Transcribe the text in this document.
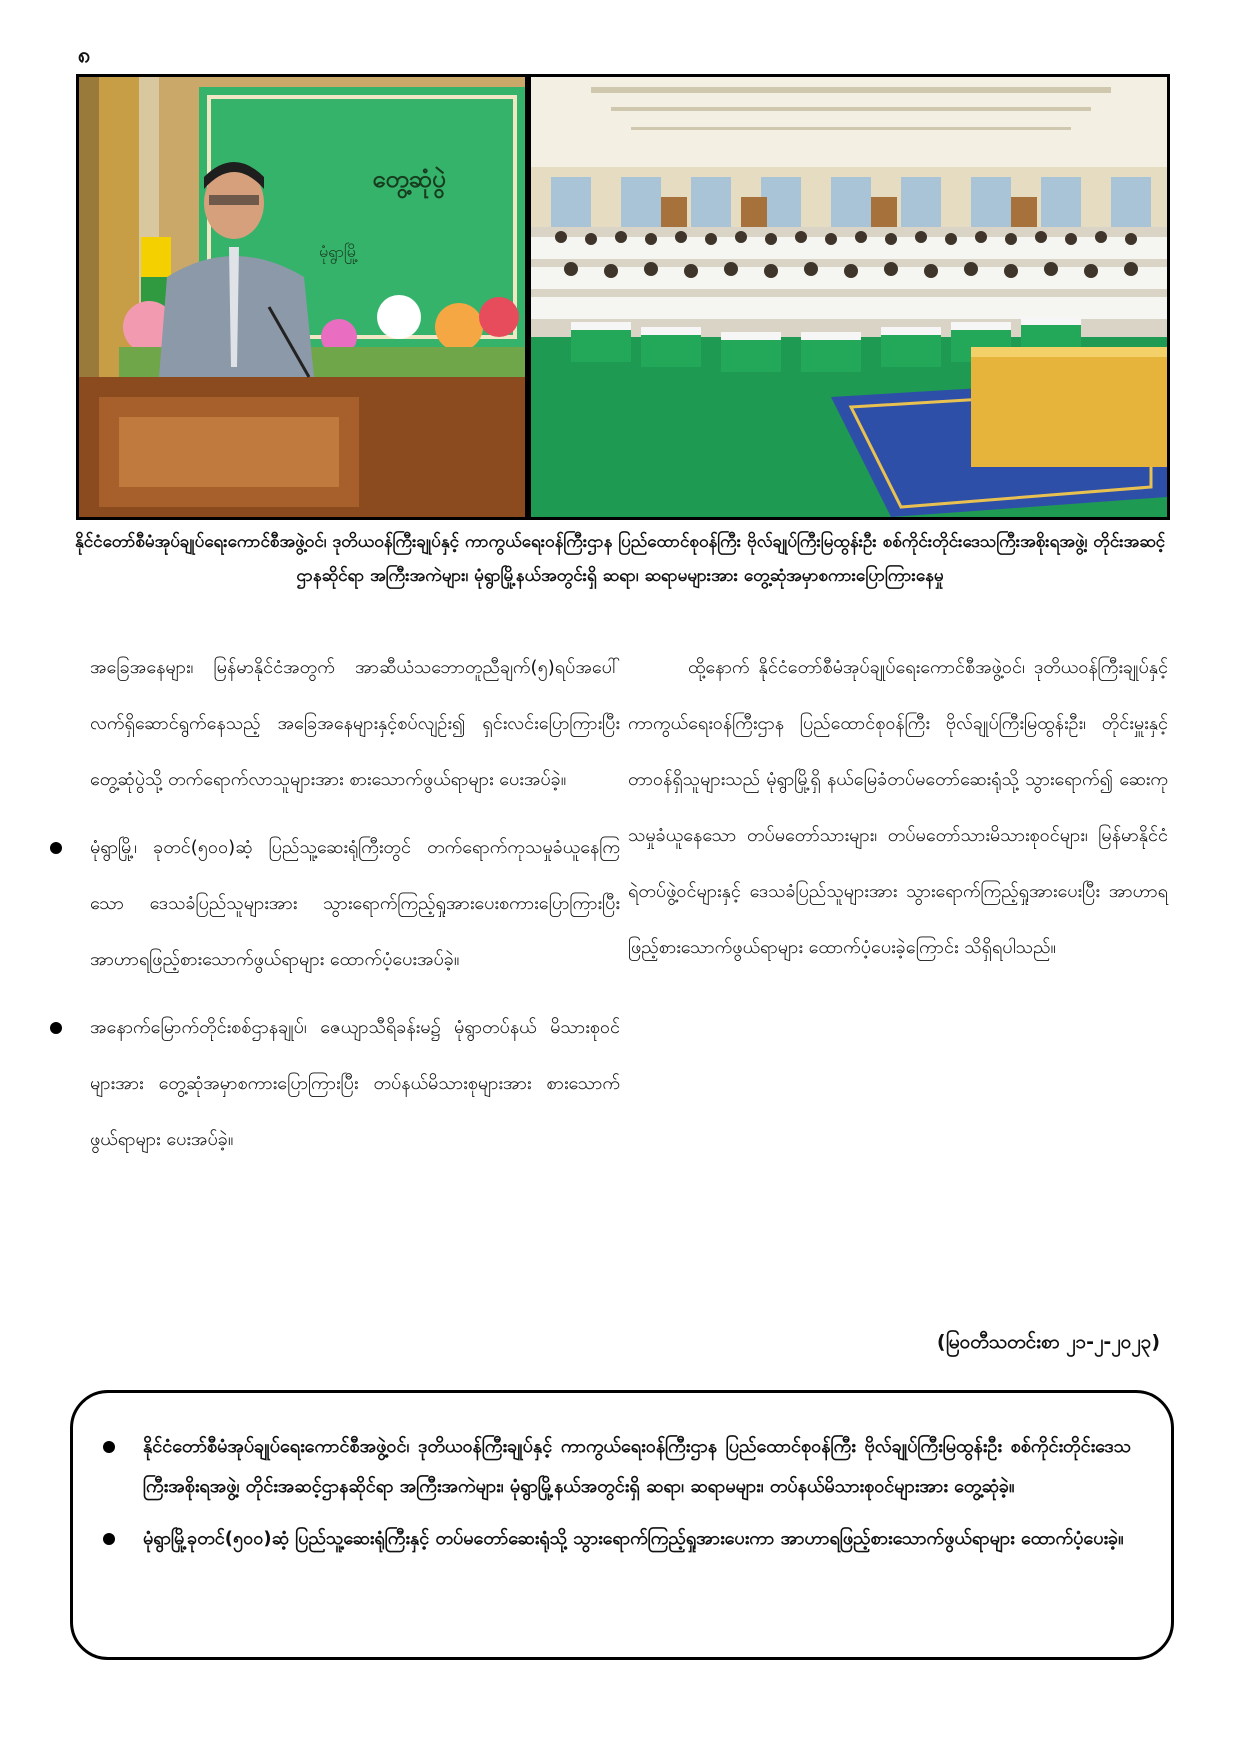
၈
တွေ့ဆုံပွဲ
မုံရွာမြို့
နိုင်ငံတော်စီမံအုပ်ချုပ်ရေးကောင်စီအဖွဲ့ဝင်၊ ဒုတိယဝန်ကြီးချုပ်နှင့် ကာကွယ်ရေးဝန်ကြီးဌာန ပြည်ထောင်စုဝန်ကြီး ဗိုလ်ချုပ်ကြီးမြထွန်းဦး စစ်ကိုင်းတိုင်းဒေသကြီးအစိုးရအဖွဲ့၊ တိုင်းအဆင့်ဌာနဆိုင်ရာ အကြီးအကဲများ၊ မုံရွာမြို့နယ်အတွင်းရှိ ဆရာ၊ ဆရာမများအား တွေ့ဆုံအမှာစကားပြောကြားနေမှု

အခြေအနေများ၊ မြန်မာနိုင်ငံအတွက် အာဆီယံသဘောတူညီချက်(၅)ရပ်အပေါ် လက်ရှိဆောင်ရွက်နေသည့် အခြေအနေများနှင့်စပ်လျဉ်း၍ ရှင်းလင်းပြောကြားပြီး တွေ့ဆုံပွဲသို့ တက်ရောက်လာသူများအား စားသောက်ဖွယ်ရာများ ပေးအပ်ခဲ့။

မုံရွာမြို့၊ ခုတင်(၅၀၀)ဆံ့ ပြည်သူ့ဆေးရုံကြီးတွင် တက်ရောက်ကုသမှုခံယူနေကြသော ဒေသခံပြည်သူများအား သွားရောက်ကြည့်ရှုအားပေးစကားပြောကြားပြီး အာဟာရဖြည့်စားသောက်ဖွယ်ရာများ ထောက်ပံ့ပေးအပ်ခဲ့။

အနောက်မြောက်တိုင်းစစ်ဌာနချုပ်၊ ဇေယျာသီရိခန်းမ၌ မုံရွာတပ်နယ် မိသားစုဝင်များအား တွေ့ဆုံအမှာစကားပြောကြားပြီး တပ်နယ်မိသားစုများအား စားသောက်ဖွယ်ရာများ ပေးအပ်ခဲ့။

ထို့နောက် နိုင်ငံတော်စီမံအုပ်ချုပ်ရေးကောင်စီအဖွဲ့ဝင်၊ ဒုတိယဝန်ကြီးချုပ်နှင့် ကာကွယ်ရေးဝန်ကြီးဌာန ပြည်ထောင်စုဝန်ကြီး ဗိုလ်ချုပ်ကြီးမြထွန်းဦး၊ တိုင်းမှူးနှင့် တာဝန်ရှိသူများသည် မုံရွာမြို့ရှိ နယ်မြေခံတပ်မတော်ဆေးရုံသို့ သွားရောက်၍ ဆေးကုသမှုခံယူနေသော တပ်မတော်သားများ၊ တပ်မတော်သားမိသားစုဝင်များ၊ မြန်မာနိုင်ငံ ရဲတပ်ဖွဲ့ဝင်များနှင့် ဒေသခံပြည်သူများအား သွားရောက်ကြည့်ရှုအားပေးပြီး အာဟာရဖြည့်စားသောက်ဖွယ်ရာများ ထောက်ပံ့ပေးခဲ့ကြောင်း သိရှိရပါသည်။

(မြဝတီသတင်းစာ ၂၁-၂-၂၀၂၃)
နိုင်ငံတော်စီမံအုပ်ချုပ်ရေးကောင်စီအဖွဲ့ဝင်၊ ဒုတိယဝန်ကြီးချုပ်နှင့် ကာကွယ်ရေးဝန်ကြီးဌာန ပြည်ထောင်စုဝန်ကြီး ဗိုလ်ချုပ်ကြီးမြထွန်းဦး စစ်ကိုင်းတိုင်းဒေသကြီးအစိုးရအဖွဲ့၊ တိုင်းအဆင့်ဌာနဆိုင်ရာ အကြီးအကဲများ၊ မုံရွာမြို့နယ်အတွင်းရှိ ဆရာ၊ ဆရာမများ၊ တပ်နယ်မိသားစုဝင်များအား တွေ့ဆုံခဲ့။
မုံရွာမြို့ခုတင်(၅၀၀)ဆံ့ ပြည်သူ့ဆေးရုံကြီးနှင့် တပ်မတော်ဆေးရုံသို့ သွားရောက်ကြည့်ရှုအားပေးကာ အာဟာရဖြည့်စားသောက်ဖွယ်ရာများ ထောက်ပံ့ပေးခဲ့။
